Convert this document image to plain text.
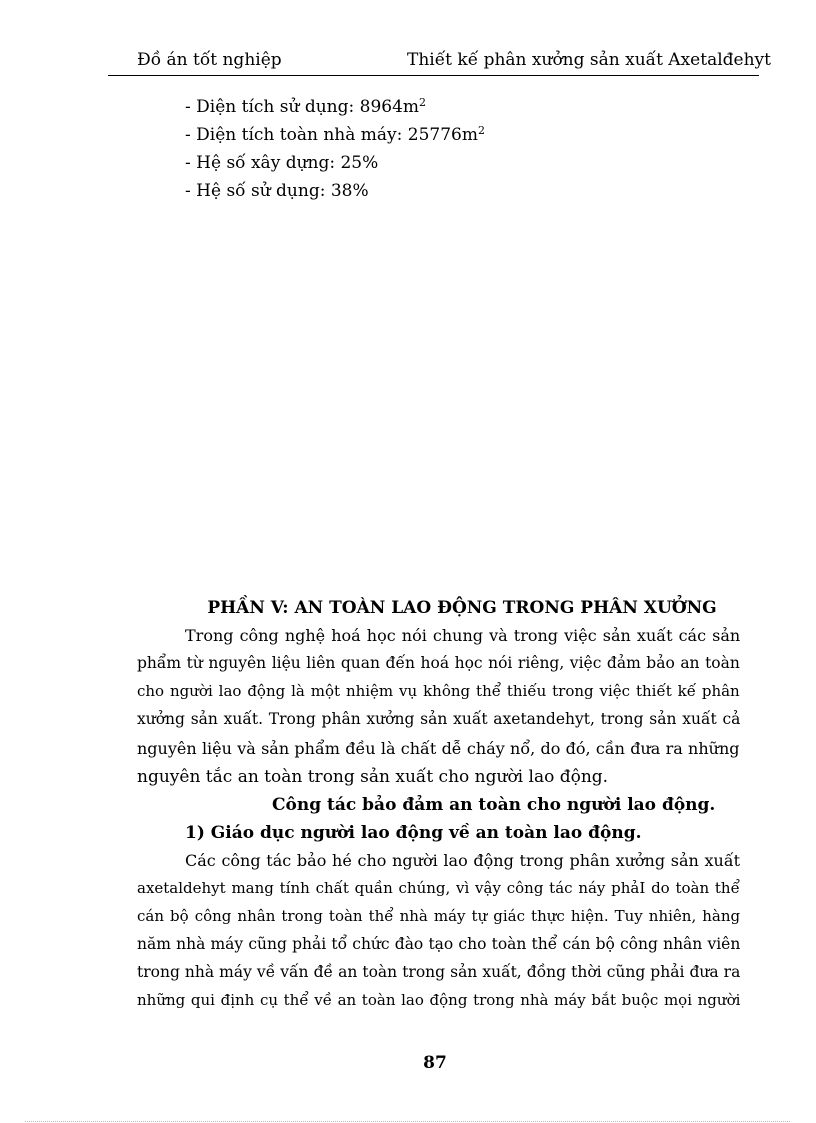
Đồ án tốt nghiệp	Thiết kế phân xưởng sản xuất Axetalđehyt
- Diện tích sử dụng: $8964m^2$
- Diện tích toàn nhà máy: $25776m^2$
- Hệ số xây dựng: 25%
- Hệ số sử dụng: 38%
PHẦN V: AN TOÀN LAO ĐỘNG TRONG PHÂN XƯỞNG
Trong công nghệ hoá học nói chung và trong việc sản xuất các sản
phẩm từ nguyên liệu liên quan đến hoá học nói riêng, việc đảm bảo an toàn
cho người lao động là một nhiệm vụ không thể thiếu trong việc thiết kế phân
xưởng sản xuất. Trong phân xưởng sản xuất axetandehyt, trong sản xuất cả
nguyên liệu và sản phẩm đều là chất dễ cháy nổ, do đó, cần đưa ra những
nguyên tắc an toàn trong sản xuất cho người lao động.
Công tác bảo đảm an toàn cho người lao động.
1) Giáo dục người lao động về an toàn lao động.
Các công tác bảo hé cho người lao động trong phân xưởng sản xuất
axetaldehyt mang tính chất quần chúng, vì vậy công tác náy phảI do toàn thể
cán bộ công nhân trong toàn thể nhà máy tự giác thực hiện. Tuy nhiên, hàng
năm nhà máy cũng phải tổ chức đào tạo cho toàn thể cán bộ công nhân viên
trong nhà máy về vấn đề an toàn trong sản xuất, đồng thời cũng phải đưa ra
những qui định cụ thể về an toàn lao động trong nhà máy bắt buộc mọi người
87
